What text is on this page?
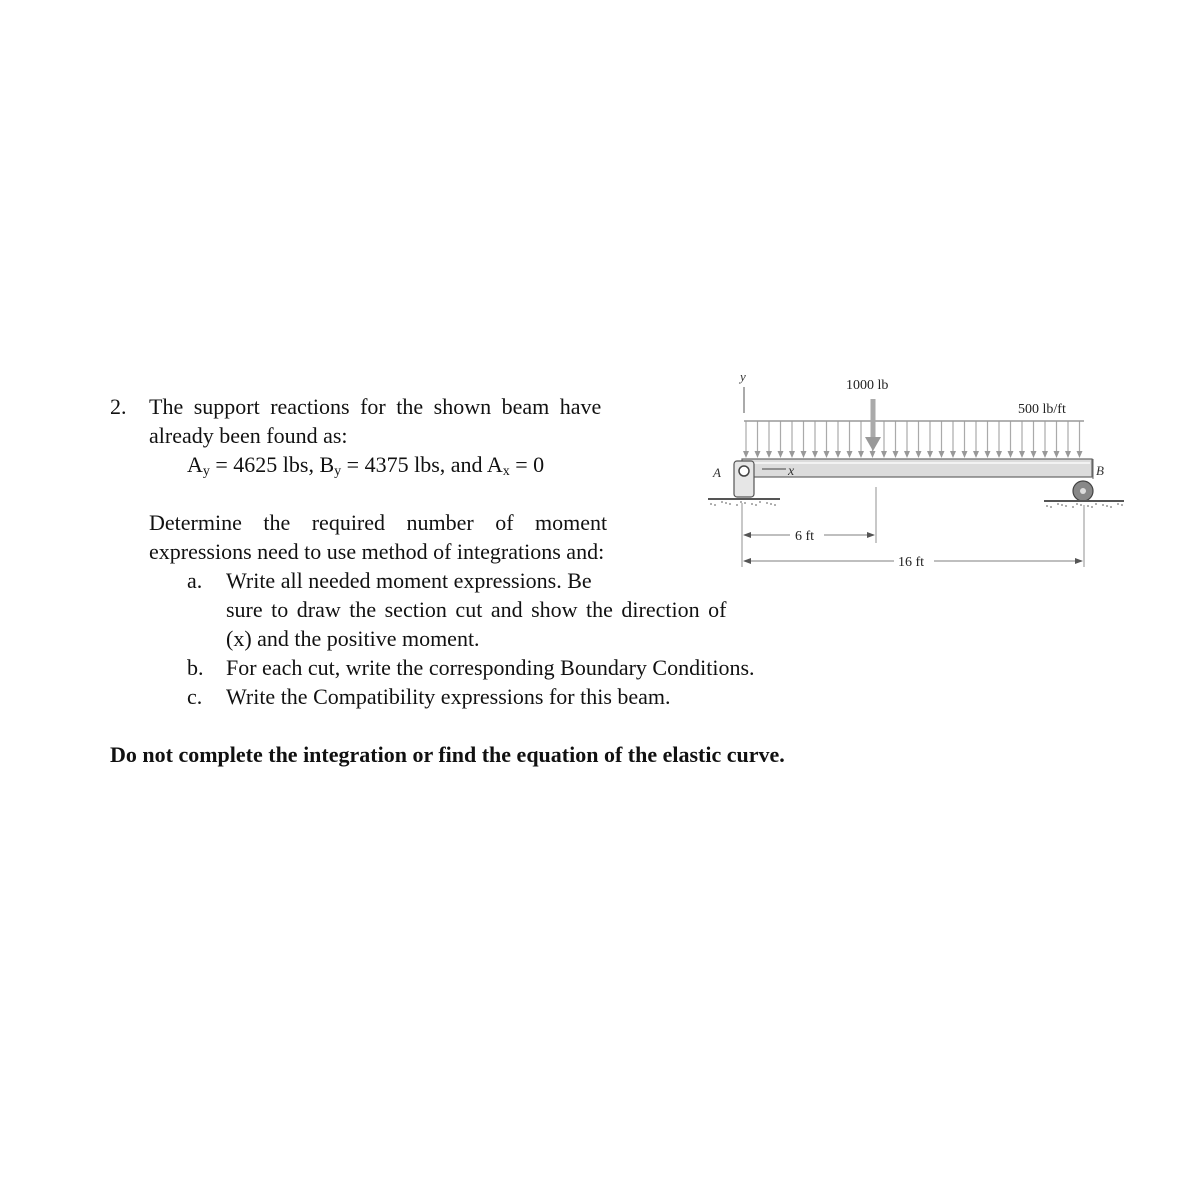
2. The support reactions for the shown beam have
already been found as:
Ay = 4625 lbs, By = 4375 lbs, and Ax = 0
Determine the required number of moment
expressions need to use method of integrations and:
a. Write all needed moment expressions. Be
sure to draw the section cut and show the direction of
(x) and the positive moment.
b. For each cut, write the corresponding Boundary Conditions.
c. Write the Compatibility expressions for this beam.
Do not complete the integration or find the equation of the elastic curve.
y
1000 lb
500 lb/ft
x
A	B
6 ft
16 ft
